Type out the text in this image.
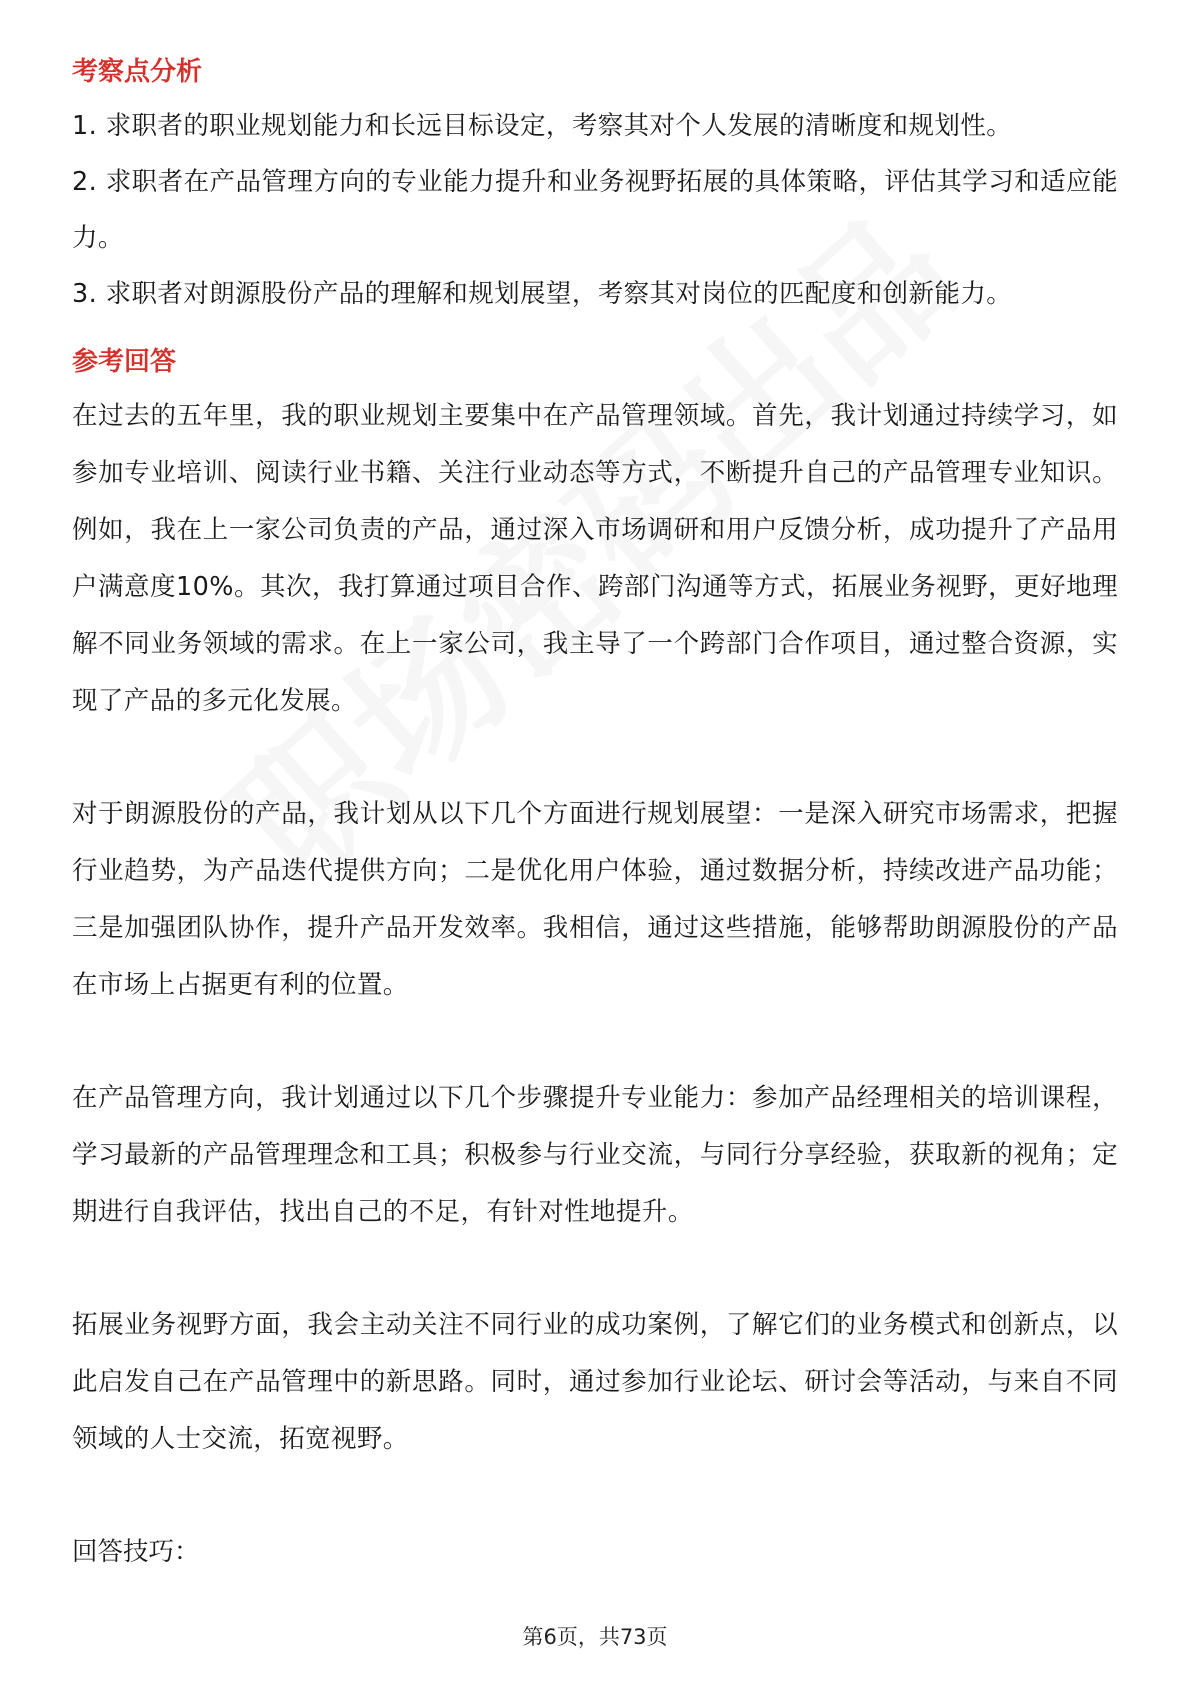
考察点分析

1. 求职者的职业规划能力和长远目标设定，考察其对个人发展的清晰度和规划性。

2. 求职者在产品管理方向的专业能力提升和业务视野拓展的具体策略，评估其学习和适应能力。

3. 求职者对朗源股份产品的理解和规划展望，考察其对岗位的匹配度和创新能力。

参考回答

在过去的五年里，我的职业规划主要集中在产品管理领域。首先，我计划通过持续学习，如参加专业培训、阅读行业书籍、关注行业动态等方式，不断提升自己的产品管理专业知识。例如，我在上一家公司负责的产品，通过深入市场调研和用户反馈分析，成功提升了产品用户满意度10%。其次，我打算通过项目合作、跨部门沟通等方式，拓展业务视野，更好地理解不同业务领域的需求。在上一家公司，我主导了一个跨部门合作项目，通过整合资源，实现了产品的多元化发展。

对于朗源股份的产品，我计划从以下几个方面进行规划展望：一是深入研究市场需求，把握行业趋势，为产品迭代提供方向；二是优化用户体验，通过数据分析，持续改进产品功能；三是加强团队协作，提升产品开发效率。我相信，通过这些措施，能够帮助朗源股份的产品在市场上占据更有利的位置。

在产品管理方向，我计划通过以下几个步骤提升专业能力：参加产品经理相关的培训课程，学习最新的产品管理理念和工具；积极参与行业交流，与同行分享经验，获取新的视角；定期进行自我评估，找出自己的不足，有针对性地提升。

拓展业务视野方面，我会主动关注不同行业的成功案例，了解它们的业务模式和创新点，以此启发自己在产品管理中的新思路。同时，通过参加行业论坛、研讨会等活动，与来自不同领域的人士交流，拓宽视野。

回答技巧：

第6页，共73页
